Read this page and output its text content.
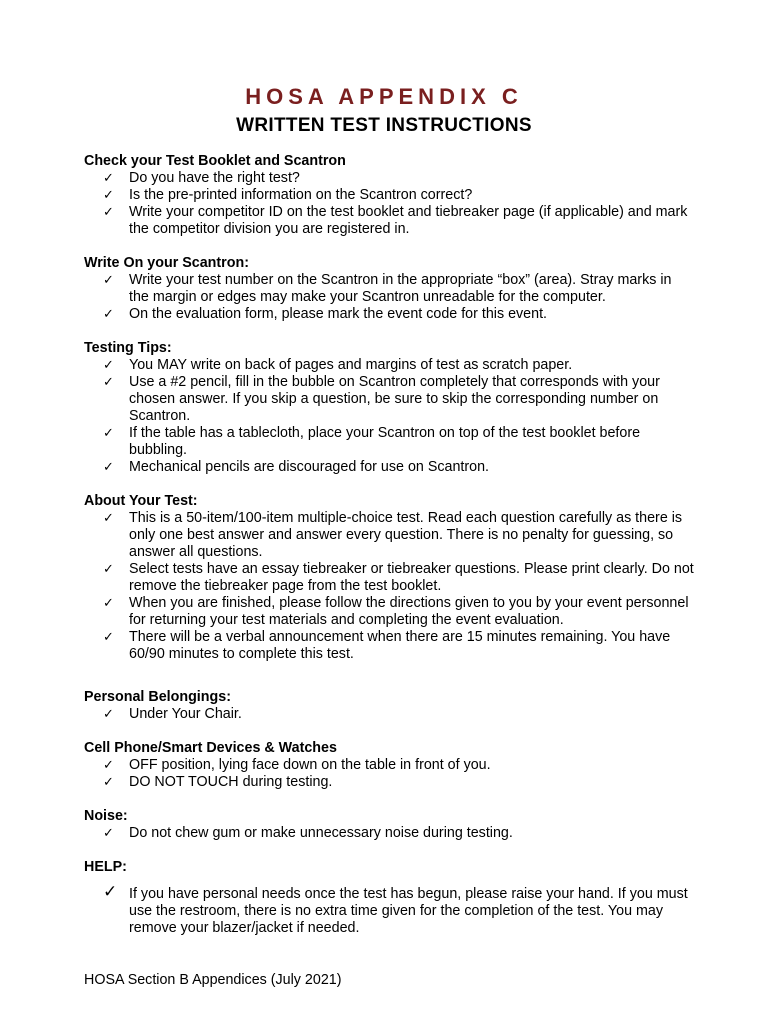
HOSA APPENDIX C
WRITTEN TEST INSTRUCTIONS
Check your Test Booklet and Scantron
✓ Do you have the right test?
✓ Is the pre-printed information on the Scantron correct?
✓ Write your competitor ID on the test booklet and tiebreaker page (if applicable) and mark the competitor division you are registered in.
Write On your Scantron:
✓ Write your test number on the Scantron in the appropriate “box” (area). Stray marks in the margin or edges may make your Scantron unreadable for the computer.
✓ On the evaluation form, please mark the event code for this event.
Testing Tips:
✓ You MAY write on back of pages and margins of test as scratch paper.
✓ Use a #2 pencil, fill in the bubble on Scantron completely that corresponds with your chosen answer. If you skip a question, be sure to skip the corresponding number on Scantron.
✓ If the table has a tablecloth, place your Scantron on top of the test booklet before bubbling.
✓ Mechanical pencils are discouraged for use on Scantron.
About Your Test:
✓ This is a 50-item/100-item multiple-choice test. Read each question carefully as there is only one best answer and answer every question. There is no penalty for guessing, so answer all questions.
✓ Select tests have an essay tiebreaker or tiebreaker questions. Please print clearly. Do not remove the tiebreaker page from the test booklet.
✓ When you are finished, please follow the directions given to you by your event personnel for returning your test materials and completing the event evaluation.
✓ There will be a verbal announcement when there are 15 minutes remaining. You have 60/90 minutes to complete this test.
Personal Belongings:
✓ Under Your Chair.
Cell Phone/Smart Devices & Watches
✓ OFF position, lying face down on the table in front of you.
✓ DO NOT TOUCH during testing.
Noise:
✓ Do not chew gum or make unnecessary noise during testing.
HELP:
✓ If you have personal needs once the test has begun, please raise your hand. If you must use the restroom, there is no extra time given for the completion of the test. You may remove your blazer/jacket if needed.
HOSA Section B Appendices (July 2021)
